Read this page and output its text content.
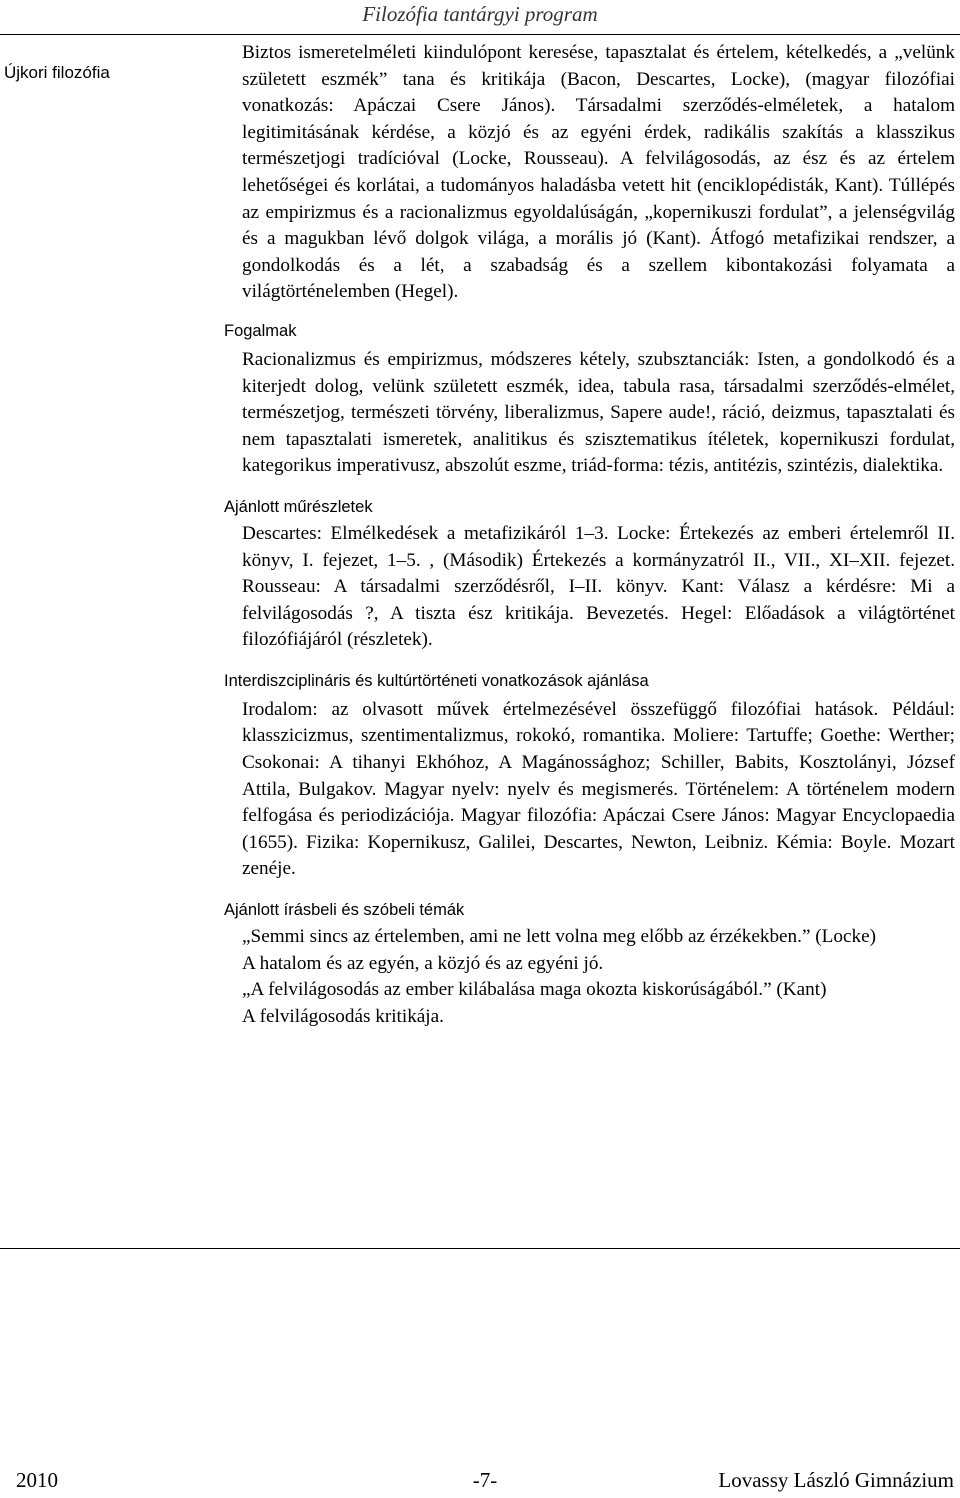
Filozófia tantárgyi program
Újkori filozófia

Biztos ismeretelméleti kiindulópont keresése, tapasztalat és értelem, kételkedés, a „velünk született eszmék” tana és kritikája (Bacon, Descartes, Locke), (magyar filozófiai vonatkozás: Apáczai Csere János). Társadalmi szerződés-elméletek, a hatalom legitimitásának kérdése, a közjó és az egyéni érdek, radikális szakítás a klasszikus természetjogi tradícióval (Locke, Rousseau). A felvilágosodás, az ész és az értelem lehetőségei és korlátai, a tudományos haladásba vetett hit (enciklopédisták, Kant). Túllépés az empirizmus és a racionalizmus egyoldalúságán, „kopernikuszi fordulat”, a jelenségvilág és a magukban lévő dolgok világa, a morális jó (Kant). Átfogó metafizikai rendszer, a gondolkodás és a lét, a szabadság és a szellem kibontakozási folyamata a világtörténelemben (Hegel).

Fogalmak

Racionalizmus és empirizmus, módszeres kétely, szubsztanciák: Isten, a gondolkodó és a kiterjedt dolog, velünk született eszmék, idea, tabula rasa, társadalmi szerződés-elmélet, természetjog, természeti törvény, liberalizmus, Sapere aude!, ráció, deizmus, tapasztalati és nem tapasztalati ismeretek, analitikus és szisztematikus ítéletek, kopernikuszi fordulat, kategorikus imperativusz, abszolút eszme, triád-forma: tézis, antitézis, szintézis, dialektika.

Ajánlott műrészletek

Descartes: Elmélkedések a metafizikáról 1–3. Locke: Értekezés az emberi értelemről II. könyv, I. fejezet, 1–5. , (Második) Értekezés a kormányzatról II., VII., XI–XII. fejezet. Rousseau: A társadalmi szerződésről, I–II. könyv. Kant: Válasz a kérdésre: Mi a felvilágosodás ?, A tiszta ész kritikája. Bevezetés. Hegel: Előadások a világtörténet filozófiájáról (részletek).

Interdiszciplináris és kultúrtörténeti vonatkozások ajánlása

Irodalom: az olvasott művek értelmezésével összefüggő filozófiai hatások. Például: klasszicizmus, szentimentalizmus, rokokó, romantika. Moliere: Tartuffe; Goethe: Werther; Csokonai: A tihanyi Ekhóhoz, A Magánossághoz; Schiller, Babits, Kosztolányi, József Attila, Bulgakov. Magyar nyelv: nyelv és megismerés. Történelem: A történelem modern felfogása és periodizációja. Magyar filozófia: Apáczai Csere János: Magyar Encyclopaedia (1655). Fizika: Kopernikusz, Galilei, Descartes, Newton, Leibniz. Kémia: Boyle. Mozart zenéje.

Ajánlott írásbeli és szóbeli témák

„Semmi sincs az értelemben, ami ne lett volna meg előbb az érzékekben.” (Locke)

A hatalom és az egyén, a közjó és az egyéni jó.

„A felvilágosodás az ember kilábalása maga okozta kiskorúságából.” (Kant)

A felvilágosodás kritikája.

2010	-7-	Lovassy László Gimnázium
